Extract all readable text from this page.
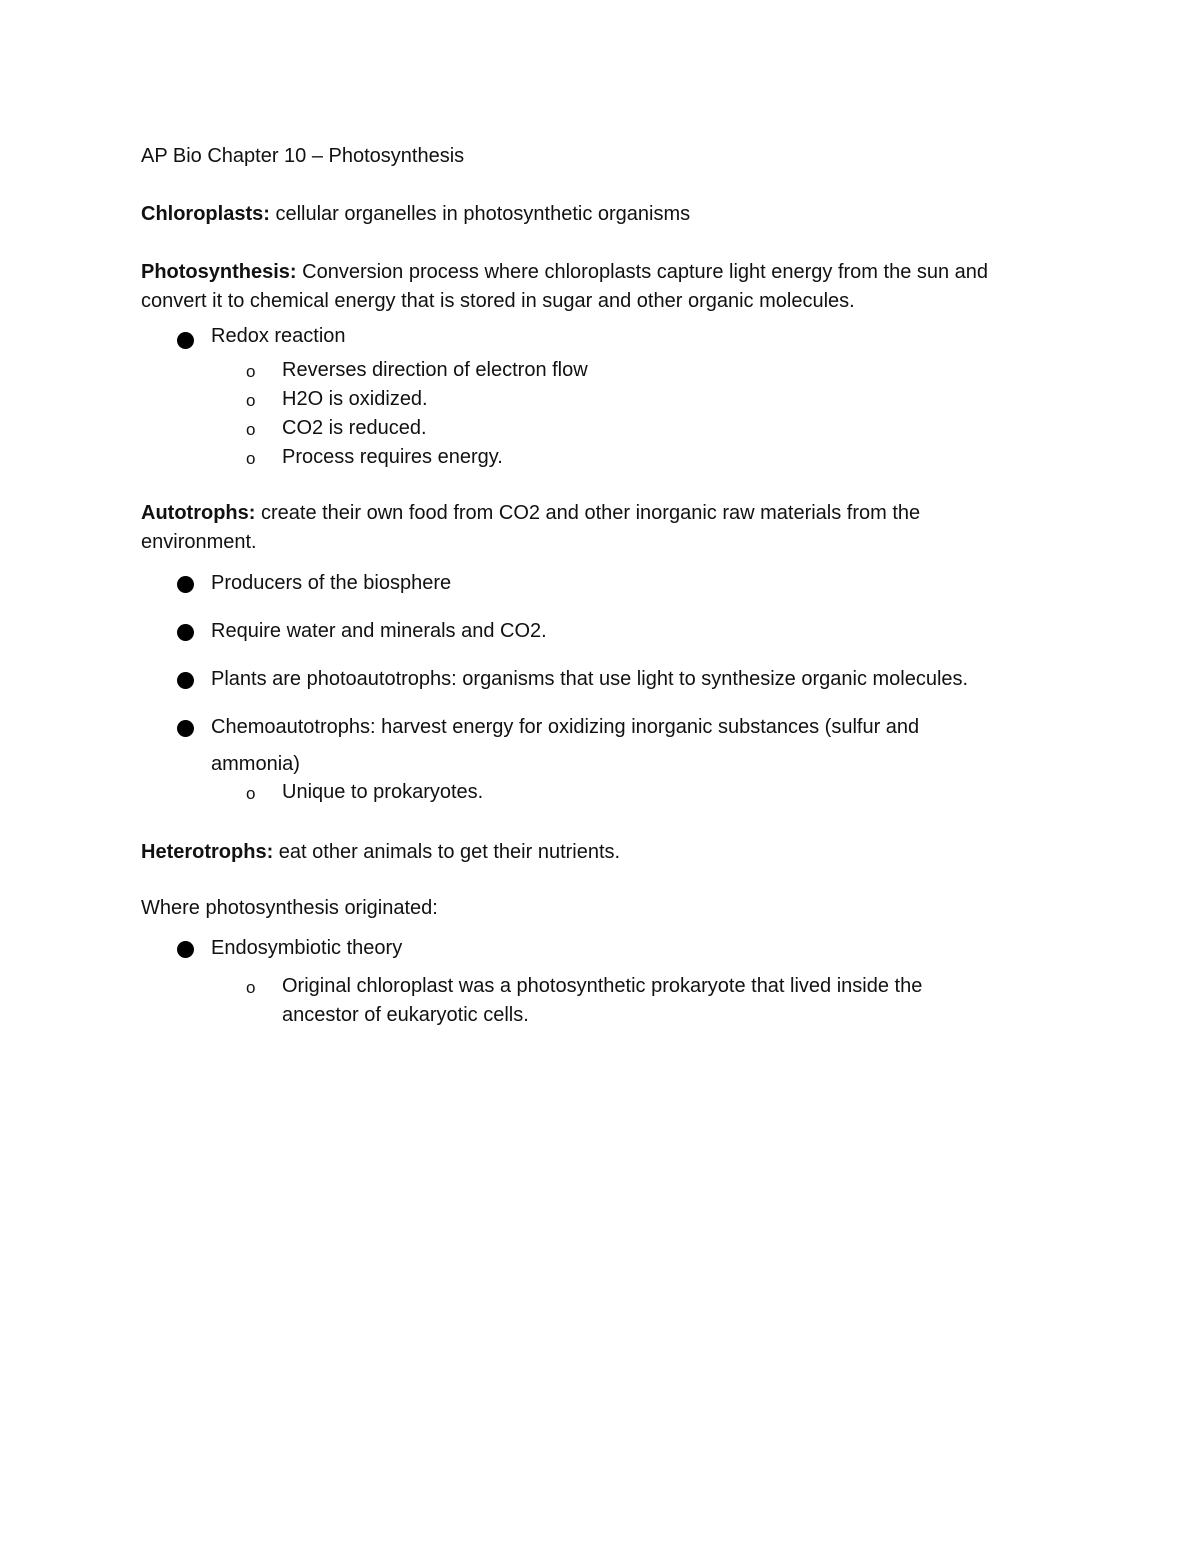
AP Bio Chapter 10 – Photosynthesis
Chloroplasts: cellular organelles in photosynthetic organisms
Photosynthesis: Conversion process where chloroplasts capture light energy from the sun and
convert it to chemical energy that is stored in sugar and other organic molecules.
Redox reaction
o Reverses direction of electron flow
o H2O is oxidized.
o CO2 is reduced.
o Process requires energy.
Autotrophs: create their own food from CO2 and other inorganic raw materials from the
environment.
Producers of the biosphere
Require water and minerals and CO2.
Plants are photoautotrophs: organisms that use light to synthesize organic molecules.
Chemoautotrophs: harvest energy for oxidizing inorganic substances (sulfur and
ammonia)
o Unique to prokaryotes.
Heterotrophs: eat other animals to get their nutrients.
Where photosynthesis originated:
Endosymbiotic theory
o Original chloroplast was a photosynthetic prokaryote that lived inside the
ancestor of eukaryotic cells.
